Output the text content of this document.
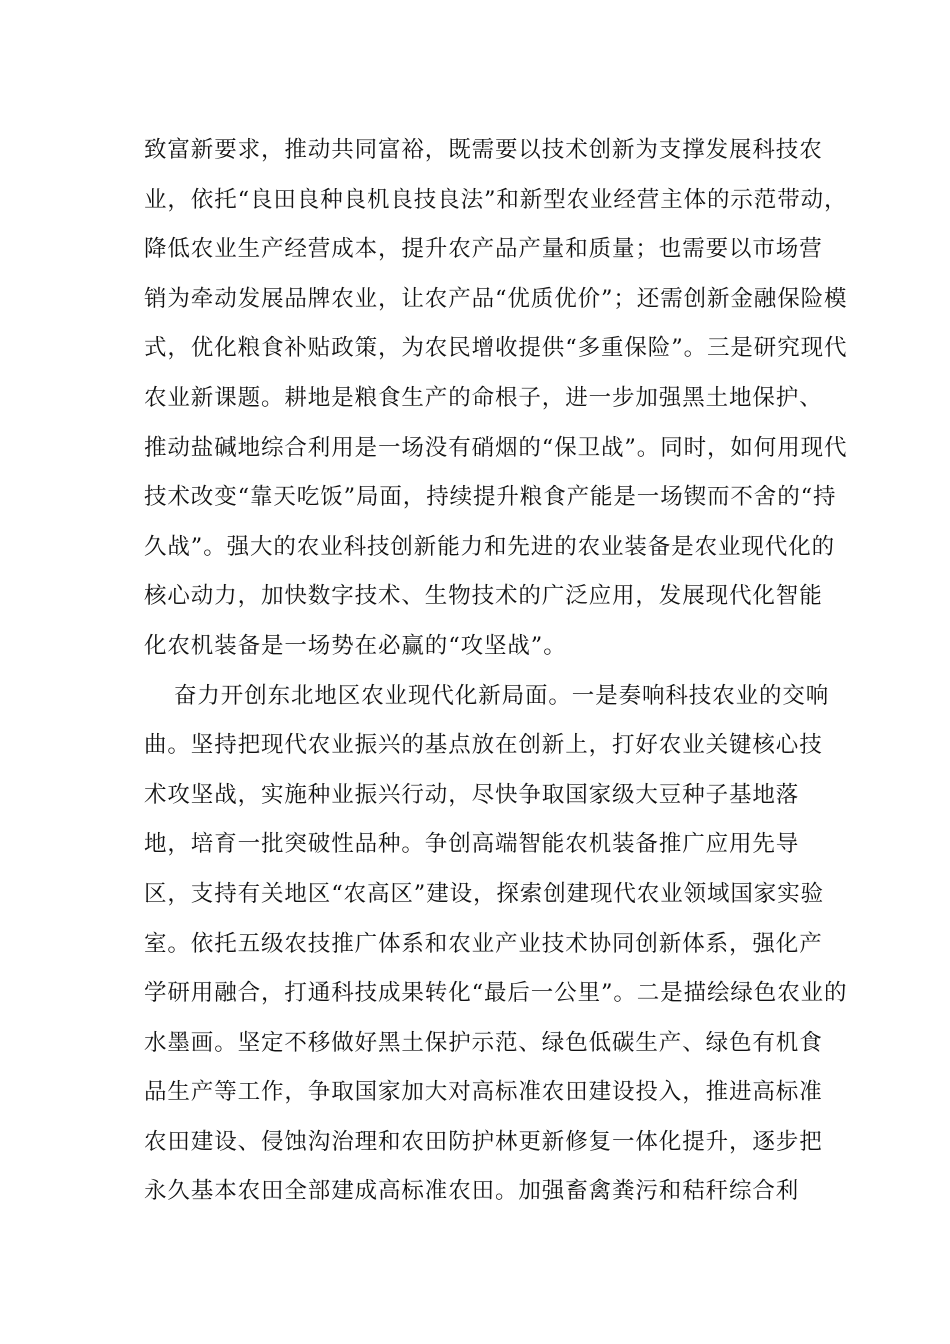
致富新要求，推动共同富裕，既需要以技术创新为支撑发展科技农
业，依托“良田良种良机良技良法”和新型农业经营主体的示范带动，
降低农业生产经营成本，提升农产品产量和质量；也需要以市场营
销为牵动发展品牌农业，让农产品“优质优价”；还需创新金融保险模
式，优化粮食补贴政策，为农民增收提供“多重保险”。三是研究现代
农业新课题。耕地是粮食生产的命根子，进一步加强黑土地保护、
推动盐碱地综合利用是一场没有硝烟的“保卫战”。同时，如何用现代
技术改变“靠天吃饭”局面，持续提升粮食产能是一场锲而不舍的“持
久战”。强大的农业科技创新能力和先进的农业装备是农业现代化的
核心动力，加快数字技术、生物技术的广泛应用，发展现代化智能
化农机装备是一场势在必赢的“攻坚战”。
奋力开创东北地区农业现代化新局面。一是奏响科技农业的交响
曲。坚持把现代农业振兴的基点放在创新上，打好农业关键核心技
术攻坚战，实施种业振兴行动，尽快争取国家级大豆种子基地落
地，培育一批突破性品种。争创高端智能农机装备推广应用先导
区，支持有关地区“农高区”建设，探索创建现代农业领域国家实验
室。依托五级农技推广体系和农业产业技术协同创新体系，强化产
学研用融合，打通科技成果转化“最后一公里”。二是描绘绿色农业的
水墨画。坚定不移做好黑土保护示范、绿色低碳生产、绿色有机食
品生产等工作，争取国家加大对高标准农田建设投入，推进高标准
农田建设、侵蚀沟治理和农田防护林更新修复一体化提升，逐步把
永久基本农田全部建成高标准农田。加强畜禽粪污和秸秆综合利
